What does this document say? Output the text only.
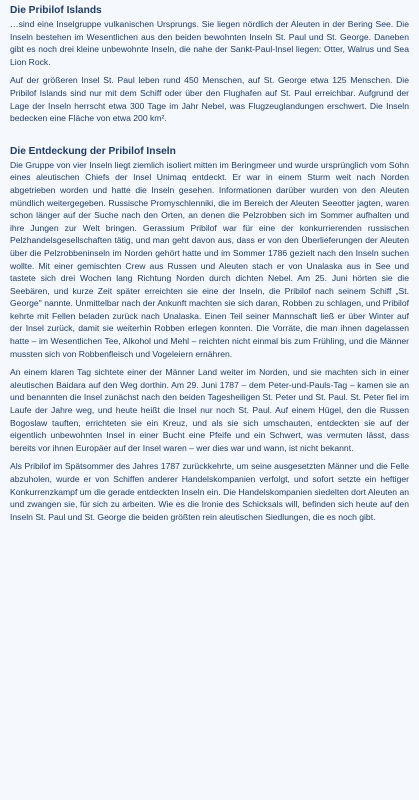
Die Pribilof Islands

…sind eine Inselgruppe vulkanischen Ursprungs. Sie liegen nördlich der Aleuten in der Bering See. Die Inseln bestehen im Wesentlichen aus den beiden bewohnten Inseln St. Paul und St. George. Daneben gibt es noch drei kleine unbewohnte Inseln, die nahe der Sankt-Paul-Insel liegen: Otter, Walrus und Sea Lion Rock.

Auf der größeren Insel St. Paul leben rund 450 Menschen, auf St. George etwa 125 Menschen. Die Pribilof Islands sind nur mit dem Schiff oder über den Flughafen auf St. Paul erreichbar. Aufgrund der Lage der Inseln herrscht etwa 300 Tage im Jahr Nebel, was Flugzeuglandungen erschwert. Die Inseln bedecken eine Fläche von etwa 200 km².

Die Entdeckung der Pribilof Inseln

Die Gruppe von vier Inseln liegt ziemlich isoliert mitten im Beringmeer und wurde ursprünglich vom Sohn eines aleutischen Chiefs der Insel Unimaq entdeckt. Er war in einem Sturm weit nach Norden abgetrieben worden und hatte die Inseln gesehen. Informationen darüber wurden von den Aleuten mündlich weitergegeben. Russische Promyschlenniki, die im Bereich der Aleuten Seeotter jagten, waren schon länger auf der Suche nach den Orten, an denen die Pelzrobben sich im Sommer aufhalten und ihre Jungen zur Welt bringen. Gerassium Pribilof war für eine der konkurrierenden russischen Pelzhandelsgesellschaften tätig, und man geht davon aus, dass er von den Überlieferungen der Aleuten über die Pelzrobbeninseln im Norden gehört hatte und im Sommer 1786 gezielt nach den Inseln suchen wollte. Mit einer gemischten Crew aus Russen und Aleuten stach er von Unalaska aus in See und tastete sich drei Wochen lang Richtung Norden durch dichten Nebel. Am 25. Juni hörten sie die Seebären, und kurze Zeit später erreichten sie eine der Inseln, die Pribilof nach seinem Schiff „St. George" nannte. Unmittelbar nach der Ankunft machten sie sich daran, Robben zu schlagen, und Pribilof kehrte mit Fellen beladen zurück nach Unalaska. Einen Teil seiner Mannschaft ließ er über Winter auf der Insel zurück, damit sie weiterhin Robben erlegen konnten. Die Vorräte, die man ihnen dagelassen hatte – im Wesentlichen Tee, Alkohol und Mehl – reichten nicht einmal bis zum Frühling, und die Männer mussten sich von Robbenfleisch und Vogeleiern ernähren.

An einem klaren Tag sichtete einer der Männer Land weiter im Norden, und sie machten sich in einer aleutischen Baidara auf den Weg dorthin. Am 29. Juni 1787 – dem Peter-und-Pauls-Tag – kamen sie an und benannten die Insel zunächst nach den beiden Tagesheiligen St. Peter und St. Paul. St. Peter fiel im Laufe der Jahre weg, und heute heißt die Insel nur noch St. Paul. Auf einem Hügel, den die Russen Bogoslaw tauften, errichteten sie ein Kreuz, und als sie sich umschauten, entdeckten sie auf der eigentlich unbewohnten Insel in einer Bucht eine Pfeife und ein Schwert, was vermuten lässt, dass bereits vor ihnen Europäer auf der Insel waren – wer dies war und wann, ist nicht bekannt.

Als Pribilof im Spätsommer des Jahres 1787 zurückkehrte, um seine ausgesetzten Männer und die Felle abzuholen, wurde er von Schiffen anderer Handelskompanien verfolgt, und sofort setzte ein heftiger Konkurrenzkampf um die gerade entdeckten Inseln ein. Die Handelskompanien siedelten dort Aleuten an und zwangen sie, für sich zu arbeiten. Wie es die Ironie des Schicksals will, befinden sich heute auf den Inseln St. Paul und St. George die beiden größten rein aleutischen Siedlungen, die es noch gibt.
